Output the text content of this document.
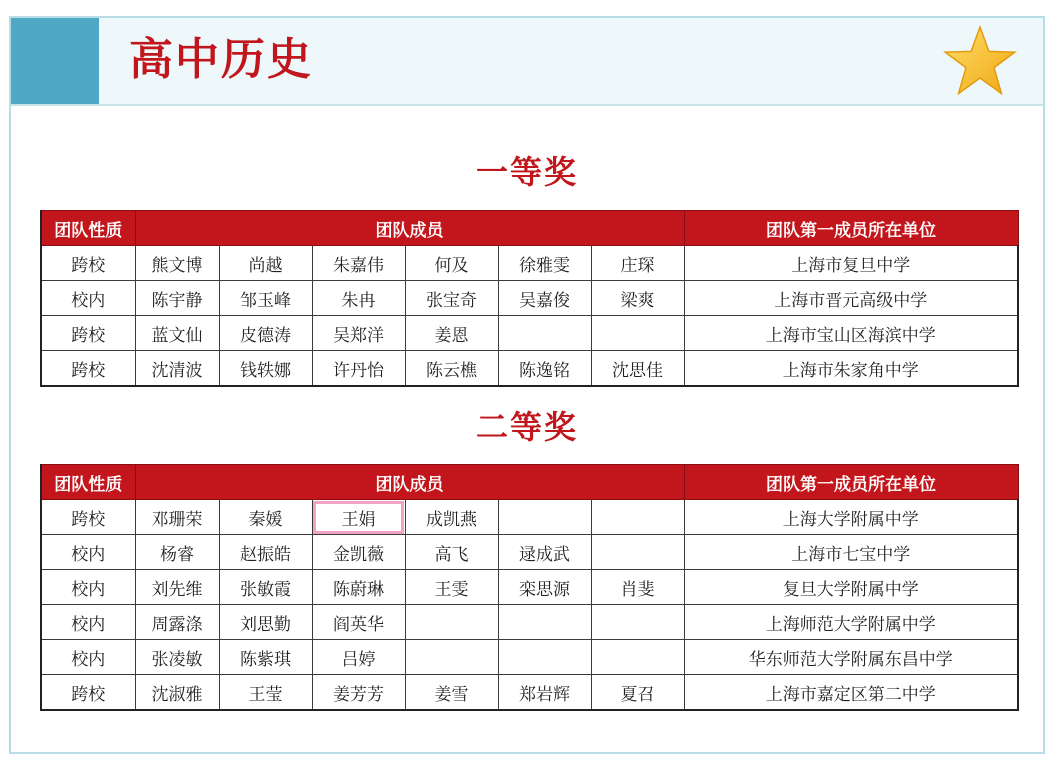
高中历史
一等奖
团队性质	团队成员						团队第一成员所在单位
跨校	熊文博	尚越	朱嘉伟	何及	徐雅雯	庄琛	上海市复旦中学
校内	陈宇静	邹玉峰	朱冉	张宝奇	吴嘉俊	梁爽	上海市晋元高级中学
跨校	蓝文仙	皮德涛	吴郑洋	姜恩			上海市宝山区海滨中学
跨校	沈清波	钱轶娜	许丹怡	陈云樵	陈逸铭	沈思佳	上海市朱家角中学
二等奖
团队性质	团队成员						团队第一成员所在单位
跨校	邓珊荣	秦媛	王娟	成凯燕			上海大学附属中学
校内	杨睿	赵振皓	金凯薇	高飞	逯成武		上海市七宝中学
校内	刘先维	张敏霞	陈蔚琳	王雯	栾思源	肖斐	复旦大学附属中学
校内	周露涤	刘思勤	阎英华				上海师范大学附属中学
校内	张凌敏	陈紫琪	吕婷				华东师范大学附属东昌中学
跨校	沈淑雅	王莹	姜芳芳	姜雪	郑岩辉	夏召	上海市嘉定区第二中学
